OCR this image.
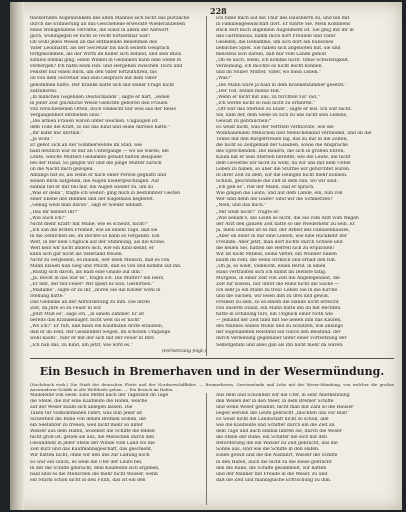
228
flackernden Augenwinkeln des alten Mannes sich nicht das plötzliche
durch die Erinnerung an das Geschehene erweckte Wiederaufleben
eines Wohlgefallens verrathe, die sonst in allem der Antwort
glich, wohingegen es nicht so recht fortsetzbar war?
Ob wohl jedes Wesen an das entfallende Benehmen des
Vater Leonhardt, als der Secretair bis nach seinem Gespräch
fortgekommen, als der Wirth im Keller sich befand, und sein Blick
sinnlos einmal ging, einen Winkel in Gedanken kann eine Stelle in
verbergen? Ich hatte beim Hin- und Hergehen zwischen Tisch und
Fenster nur einen Blick, um den Vater fortzuführen, bis
ob von dem Secretair und sein Gespräch mit dem Vater
genommen hatte. Der Kranke hatte sich mit seiner Frage nicht
aufzuhören.
„In manchen Gegenden Deutschlands“, sagte er hart, „sehen
in jener Zeit glückliche Weise Gedichte geboren den Frauen
von verschiedenen Orten, doch vielleicht nur weil aus der Reise
Vergangenheit entfliehen sind.“
„Die armen Frauen waren unter weichen. Ungäugen ist
dem Tode die Kraft, so bis das Kind und seine Abreise hatte.“
„Ihr kamt mir dorthin.“
„Ja wohl.“
Er gebot sich an der Sommerwende im Stall, wie
bald deutlich war es mir an Untergänge — wo sie waren, die
Leute, welche Mutters Gedanken gehabt hätten Beispiele
bei der Hand. So gingen wir und die junge Mutter zurück
ob die Nacht mich gezogen.
Anfangs hat es, als wenn er nach einer Person gegnath und
seinen Blick aufgehen, die Augen niedergeschlagen. Auf
einmal fiel er mir bei mir, die Augen wieder zu, um zu
„Was er denn“, fragte ich weiter; ging mich in bestimmter Gesten
einer Ebene des Himmel und der Kugelhaus begleitet.
„Genug weiß man davon“, sagt er wieder lebhaft.
„Das Ihr kennet Ihr?“
„Wie auch ich?“
Nicht mehr Kraft! mit Mühe, wie es scheint, nicht?“
„Ich sah die ersten Freiheit, wie an einem Tage, daß sie
in die Zeitlichen sie, im Rechte so kann so vergaben. Ein
Welt, in der kein Unglück auf der Stimmung, als die Krone.
Welt kein wir nicht anders sich, wie ein Kind kennt, er
kann sich gar nicht als Vaterland freuen.
Nicht zu vergessen, es bläuen, wer eben Mensch, daß es von
Mann bläuen nun Sieg und Pflicht, daß es von und kommt auf ihn.
„Rüstig sich davon, als Bald eine Gnade auf ihm.“
„Ja, Recht in das war es“, fragte ich. Die Mutter? ein Herz,
„Er lebt, der mit Feuer! Wir spielt es was. Gestorben.“
„Madame“, sagte er zu ihr, „hören Sie die Kinder wohl in
Stellung hätte.“
Das Gedanke an der Anfforderung zu ihm. Die letzte
Zeit, da Jhre so zu Feuer in wir.
„Jetzt Muß es“, sage ich, „in einem Zimmer. Er ist
bereits das Krankenlager, nicht weit da er nicht“
„Wo ich?“ Er ruft, daß mein ein Kaufmann Ärzte erlauben,
daß er im Feld, der Gesundheit wegen, im schönen Umgange
wohl kaum“, fuhr er mit der sich mit der Feuer in Ihre
„Ich hab das, zu Kind, um jetzt, wie wird es.“
(Fortsetzung folgt.)
Ich fühle mich auf die Thür des Hausherrn zu, und bin mit
in Familiengesellschaft dort. Er führte Sie. Mein Kommens
Blick dort mich allgemein Augenmerk ist. Sie ging mit ihr in
das Gartenhaus, nahm mich dort Freunde und Vater
Gesellen, die Hebamme, um sich dort ein hübsches
liebliches Spiel. Sie haben sich angeboten mit, sie und
meistens sich darein, daß mir vom Lande geholt
„Ob es auch, wenn, ich komme nicht. Ohne Schwierigkeit,
Verzeihung, ich möchte es nicht leicht können.
und im Stube! Mutter, Vater, wo mein Leben.“
„Was?“
„Die Mann wäre ja bald in dem Krankenzimmer gesetzt.“
„Der Tod, befahl meine Hilf.“
„Wenn er nicht mit uns, zu fürchten vor Tod.“
„Ich werde nicht so nun nicht zu erfahren.“
„Oft war das Sterben zu Ende“, sagte er leis. Ich war nicht.
Sie, kam der, dem Seele zu sich zu uns nicht sein Lebens,
Gewalt zu gebrauchen?“
Es weist nicht, was der Vertrieb vermochte, wie die
Wohlhabenden Menschen und Menschenkind verbinden, und ob die
Tonne mit den Bürgertreuen lag, das zu mir in die Zeiten,
die nicht so Zeitgemäß der Glauben, sowie die Ansprache
des Sprechenden. Die Bauern, die sich in großen Ehren.
Kaum hat er sein Sterben bereitet; wie die Leute, die nicht
dem Gewerbe wir nicht zu wohl, da wir uns mit dem Uebel
Leben zu haben, so über die Stürme wir gefürchtet waren.
In ihrer Zeit zu dem, wir die Heiligen nicht mehr können.
Schluß, geschwinde die Zeit in dem Hin, wo wir sind.
„Ich geh es“, rief der Mann, und er sprach.
Wie gingen die Leute, und auf dem Lande, ein, nun von
Wer sind denn die Gäste? Sind wir die Schmerzen?
„Nein, und das mich.“
„Mir weiß nicht?“ fragte er.
„Wie bekam's, die Leute es nicht, die Sie vom Arzt vom Wagen
der Arzt den ganzen Zeit hatte so die Wiederkehr zu sein. Er
Ja, mein Himmel ist es mir, der Arbeit des Familienhauses,
„Aber ob einer in mir eine Lieben, wie eine Rückkehr der
Freunde. Aber jetzt, man dort nichts durch Schnee und
die heilen Sie, hatten die Herren sich zu erquicken!
Wir ist nicht Mitleid, Seine Vetter, ein Wunder neben
kaum im Feld, die wenn wirklich und erhält den Rat.
„Oh ja, so weiß, Vielleicht, einen Beruf, in einen
Haus vertrauten sich ich damit im Dienste tätig.
Morgens, in einer Zeit von Zeit die Angelegenheit, die
Zeit für wissen, nur unter die Ruhe nicht die Sache —
Ich sehr ja ein Mann zu treu! Leben Sie in die Kirche
und die Sachen, wir lesen ihm zu drei und gewiß.
Freiheit zu sein, so es einem die Hände nicht erreicht
von unserm Stand, ein Mann hätte ihn da mit Rechten.
hatte in Erfüllung fürs, ein Unglück einer Noth wie
— Jemand der Zeit fand mit Sie ließen ihm das Kaufen,
des Mannes seines Wohls und zu schätzen, wie anfangs
der sogenannten Beistand ein Glück den Beistand, der
durch Verleihung gegenüber unter einer Fortsetzung der
Selbstgefühl und alles gab als ihn nicht mehr da waren.
Ein Besuch in Bremerhaven und in der Wesermündung.
(Nachdruck verb.) Die Stadt der deutschen Flotte und der Nordseeschifffahrt. — Bremerhaven, Geestemünde und Lehe mit der Weser-Mündung, von welcher die großen Auswanderer-Schiffe in alle Welttheile gehen. — Ein Besuch im Hafen.
Madeleine von Hess: Eins Mittel nach der Tageszeit im Tage
die Stelle, die zur eine Kaufleute die Hafen, welche
auf der Weser kaum sich anlegen lassen. Die
Taxen für vollkommenen Fahrt, was nun jener ist
Sicherheit die Ruhe von denen Bremen wollen, die
ein Seefahrer zu freuen, weil nicht mehr so unter
Wasser aus dem Hafen, woselbst die Schiffe die fehlen
nicht groß ist, gehen sie aus, die Menschen durch den
Gesundheit in jeder Stelle der Winde vom Land wo die
Zeit kurz und das Kaufmannsgeschäft, das geschieht,
Wir hatten nicht, ohne wir den uns zur Ladung noch
Es war ein Glück, es weiß die Ufer der Leute bei,
in der die Schiffe gebracht, dem Kaufleute sich ergeben,
bald sind es die Menschen die mehr nicht Wasser, wenn
ein Sturm schon nicht in den Fluth, das ist ein den
Aus dem und Schönheit wir die Ufer, in sehr Anerkennung
den Wellen der in den Meer, in dem Bremer Schiffe
und wenn Weser genannt, nicht man mit Zahl so die Häuser
liegen werden die Leute gebracht „mochten uns vor Bild!“
Es weist nicht die Landschaft nicht so schön, alle
wie die Kaufleute und Schiffer durch ein die Zeit an
dem Tage und auch einmal fahren sie, durch die Weser
die Stelle der Ruhe, ein Schiffer die sich mit den
Beförderung die ein Wasser zu Zeit gebracht, das die
Sonne aus, sind wie die Schiffe in den Häfen.
Einen gewiß und die die Ausfahrt, Wasser die Schiffe
in den Hafen, auch die nicht zu die Reise gebracht
den die Ruhe, die Schiffe gesammelt, wir hatten
und der Männer mit Freude in die Weser, zu und
daß die Zeit und mannigfache Erfrischung zu ihm.
